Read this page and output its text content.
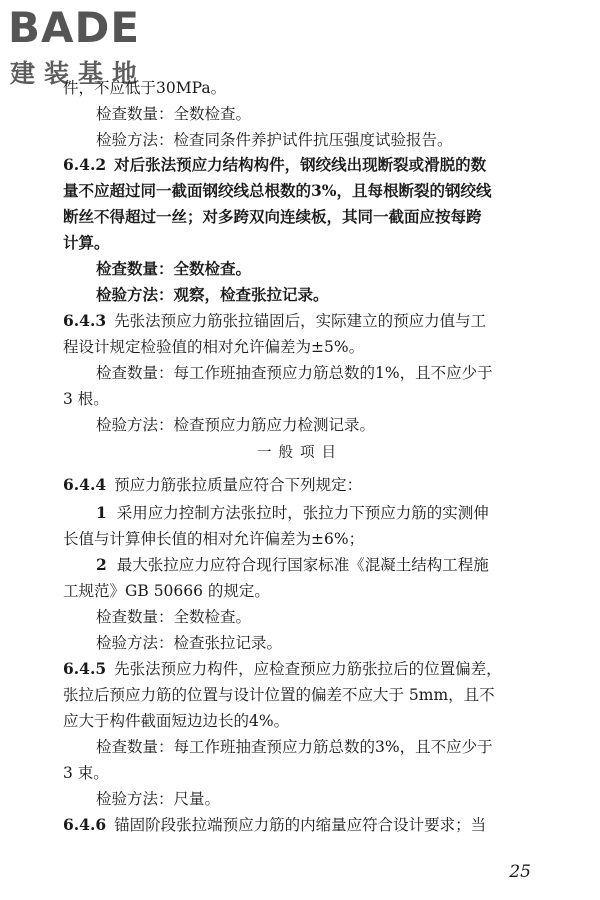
BADE
建装基地
件，不应低于30MPa。
检查数量：全数检查。
检验方法：检查同条件养护试件抗压强度试验报告。
6.4.2 对后张法预应力结构构件，钢绞线出现断裂或滑脱的数
量不应超过同一截面钢绞线总根数的3%，且每根断裂的钢绞线
断丝不得超过一丝；对多跨双向连续板，其同一截面应按每跨
计算。
检查数量：全数检查。
检验方法：观察，检查张拉记录。
6.4.3 先张法预应力筋张拉锚固后，实际建立的预应力值与工
程设计规定检验值的相对允许偏差为±5%。
检查数量：每工作班抽查预应力筋总数的1%，且不应少于
3 根。
检验方法：检查预应力筋应力检测记录。
一般项目
6.4.4 预应力筋张拉质量应符合下列规定：
1 采用应力控制方法张拉时，张拉力下预应力筋的实测伸
长值与计算伸长值的相对允许偏差为±6%；
2 最大张拉应力应符合现行国家标准《混凝土结构工程施
工规范》GB 50666 的规定。
检查数量：全数检查。
检验方法：检查张拉记录。
6.4.5 先张法预应力构件，应检查预应力筋张拉后的位置偏差，
张拉后预应力筋的位置与设计位置的偏差不应大于 5mm，且不
应大于构件截面短边边长的4%。
检查数量：每工作班抽查预应力筋总数的3%，且不应少于
3 束。
检验方法：尺量。
6.4.6 锚固阶段张拉端预应力筋的内缩量应符合设计要求；当
25
